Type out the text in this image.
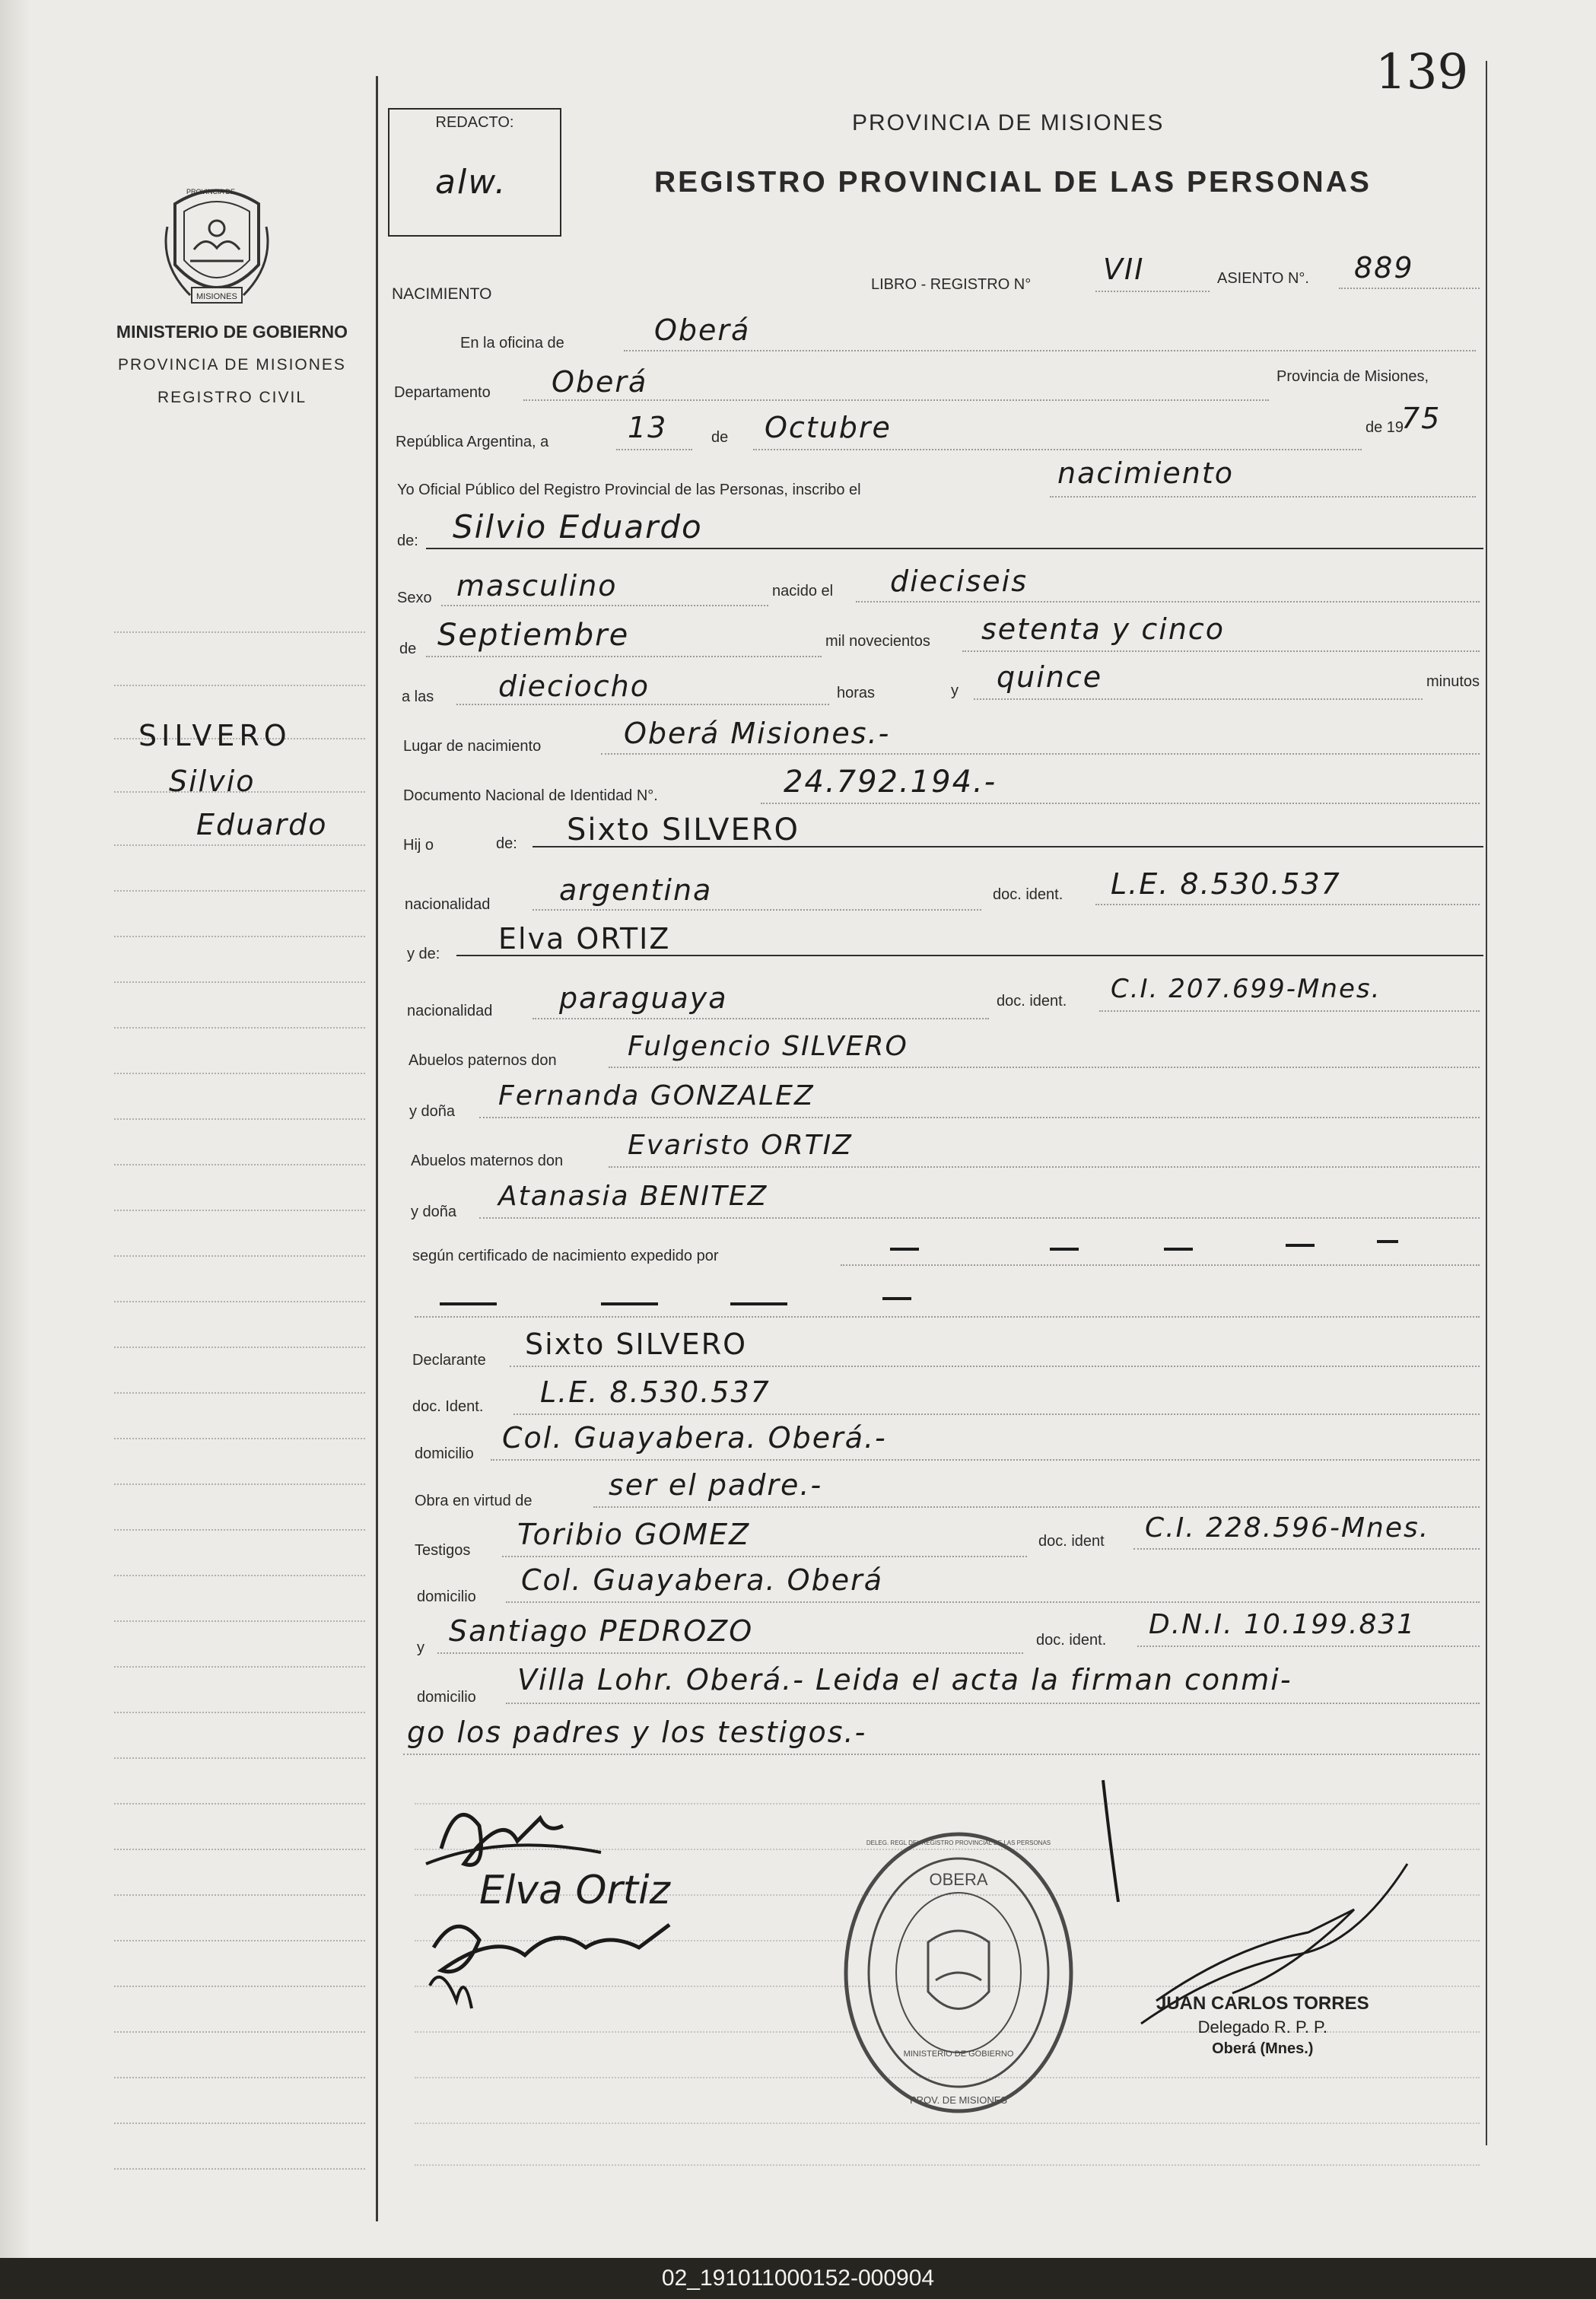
139
PROVINCIA DE
MISIONES
MINISTERIO DE GOBIERNO
PROVINCIA DE MISIONES
REGISTRO CIVIL
REDACTO:
alw.
PROVINCIA DE MISIONES
REGISTRO PROVINCIAL DE LAS PERSONAS
SILVERO
Silvio
Eduardo
NACIMIENTO
LIBRO - REGISTRO N° VII	ASIENTO N°. 889
En la oficina de	Oberá
Departamento Oberá	Provincia de Misiones,
República Argentina, a	13	de Octubre	de 19
75
Yo Oficial Público del Registro Provincial de las Personas, inscribo el	nacimiento
de: Silvio Eduardo
Sexo masculino	nacido el dieciseis
de Septiembre	mil novecientos setenta y cinco
a las dieciocho	horas	y quince	minutos
Lugar de nacimiento	Oberá Misiones.-
Documento Nacional de Identidad N°.	24.792.194.-
Hij o	de: Sixto SILVERO
nacionalidad argentina	doc. ident. L.E. 8.530.537
y de: Elva ORTIZ
nacionalidad paraguaya	doc. ident. C.I. 207.699-Mnes.
Abuelos paternos don	Fulgencio SILVERO
y doña Fernanda GONZALEZ
Abuelos maternos don Evaristo ORTIZ
y doña Atanasia BENITEZ
según certificado de nacimiento expedido por
Declarante Sixto SILVERO
doc. Ident. L.E. 8.530.537
domicilio Col. Guayabera. Oberá.-
Obra en virtud de	ser el padre.-
Testigos Toribio GOMEZ	doc. ident C.I. 228.596-Mnes.
domicilio Col. Guayabera. Oberá
y Santiago PEDROZO	doc. ident. D.N.I. 10.199.831
domicilio
Villa Lohr. Oberá.- Leida el acta la firman conmi-
go los padres y los testigos.-
Elva Ortiz	OBERA
MINISTERIO DE GOBIERNO
DELEG. REGL DEL REGISTRO PROVINCIAL DE LAS PERSONAS
PROV. DE MISIONES
JUAN CARLOS TORRES
Delegado R. P. P.
Oberá (Mnes.)
02_191011000152-000904
